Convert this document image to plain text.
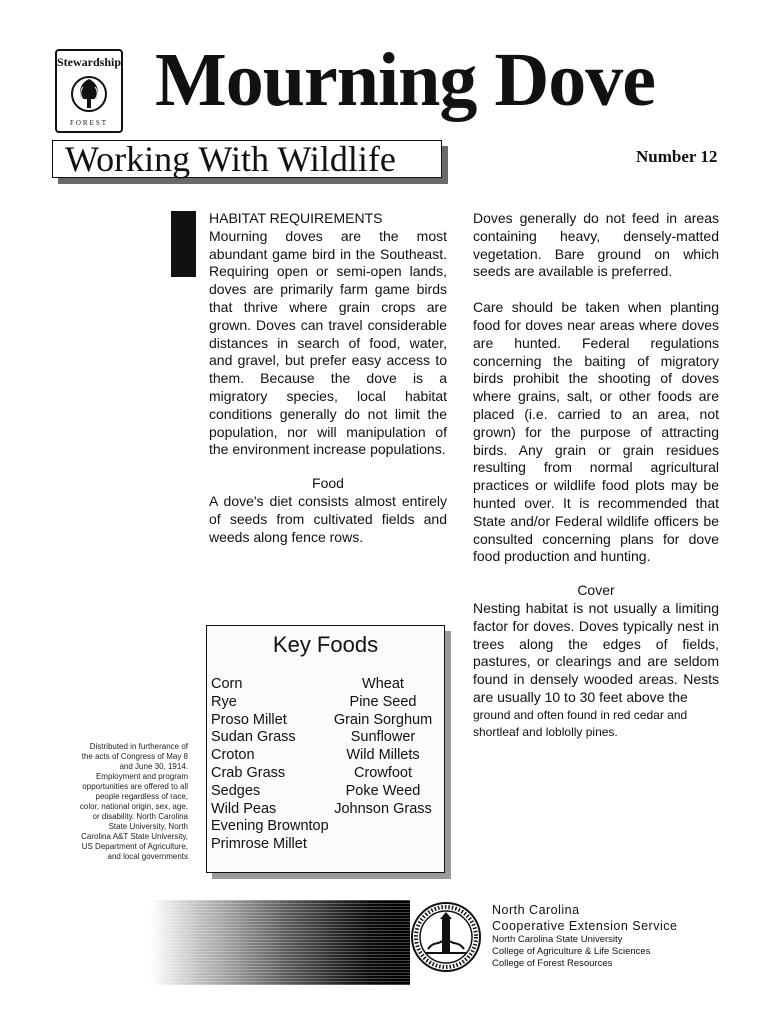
Stewardship
FOREST
Mourning Dove
Working With Wildlife	Number 12

HABITAT REQUIREMENTS

Mourning doves are the most abundant game bird in the Southeast. Requiring open or semi-open lands, doves are primarily farm game birds that thrive where grain crops are grown. Doves can travel considerable distances in search of food, water, and gravel, but prefer easy access to them. Because the dove is a migratory species, local habitat conditions generally do not limit the population, nor will manipulation of the environment increase populations.

Food

A dove's diet consists almost entirely of seeds from cultivated fields and weeds along fence rows.

Doves generally do not feed in areas containing heavy, densely-matted vegetation. Bare ground on which seeds are available is preferred.

Care should be taken when planting food for doves near areas where doves are hunted. Federal regulations concerning the baiting of migratory birds prohibit the shooting of doves where grains, salt, or other foods are placed (i.e. carried to an area, not grown) for the purpose of attracting birds. Any grain or grain residues resulting from normal agricultural practices or wildlife food plots may be hunted over. It is recommended that State and/or Federal wildlife officers be consulted concerning plans for dove food production and hunting.

Cover

Nesting habitat is not usually a limiting factor for doves. Doves typically nest in trees along the edges of fields, pastures, or clearings and are seldom found in densely wooded areas. Nests are usually 10 to 30 feet above the

ground and often found in red cedar and shortleaf and loblolly pines.

Key Foods
Corn
Rye
Proso Millet
Sudan Grass
Croton
Crab Grass
Sedges
Wild Peas
Evening Browntop
Primrose Millet
Wheat
Pine Seed
Grain Sorghum
Sunflower
Wild Millets
Crowfoot
Poke Weed
Johnson Grass
Distributed in furtherance of the acts of Congress of May 8 and June 30, 1914. Employment and program opportunities are offered to all people regardless of race, color, national origin, sex, age, or disability. North Carolina State University, North Carolina A&T State University, US Department of Agriculture, and local governments
North Carolina
Cooperative Extension Service
North Carolina State University
College of Agriculture & Life Sciences
College of Forest Resources
